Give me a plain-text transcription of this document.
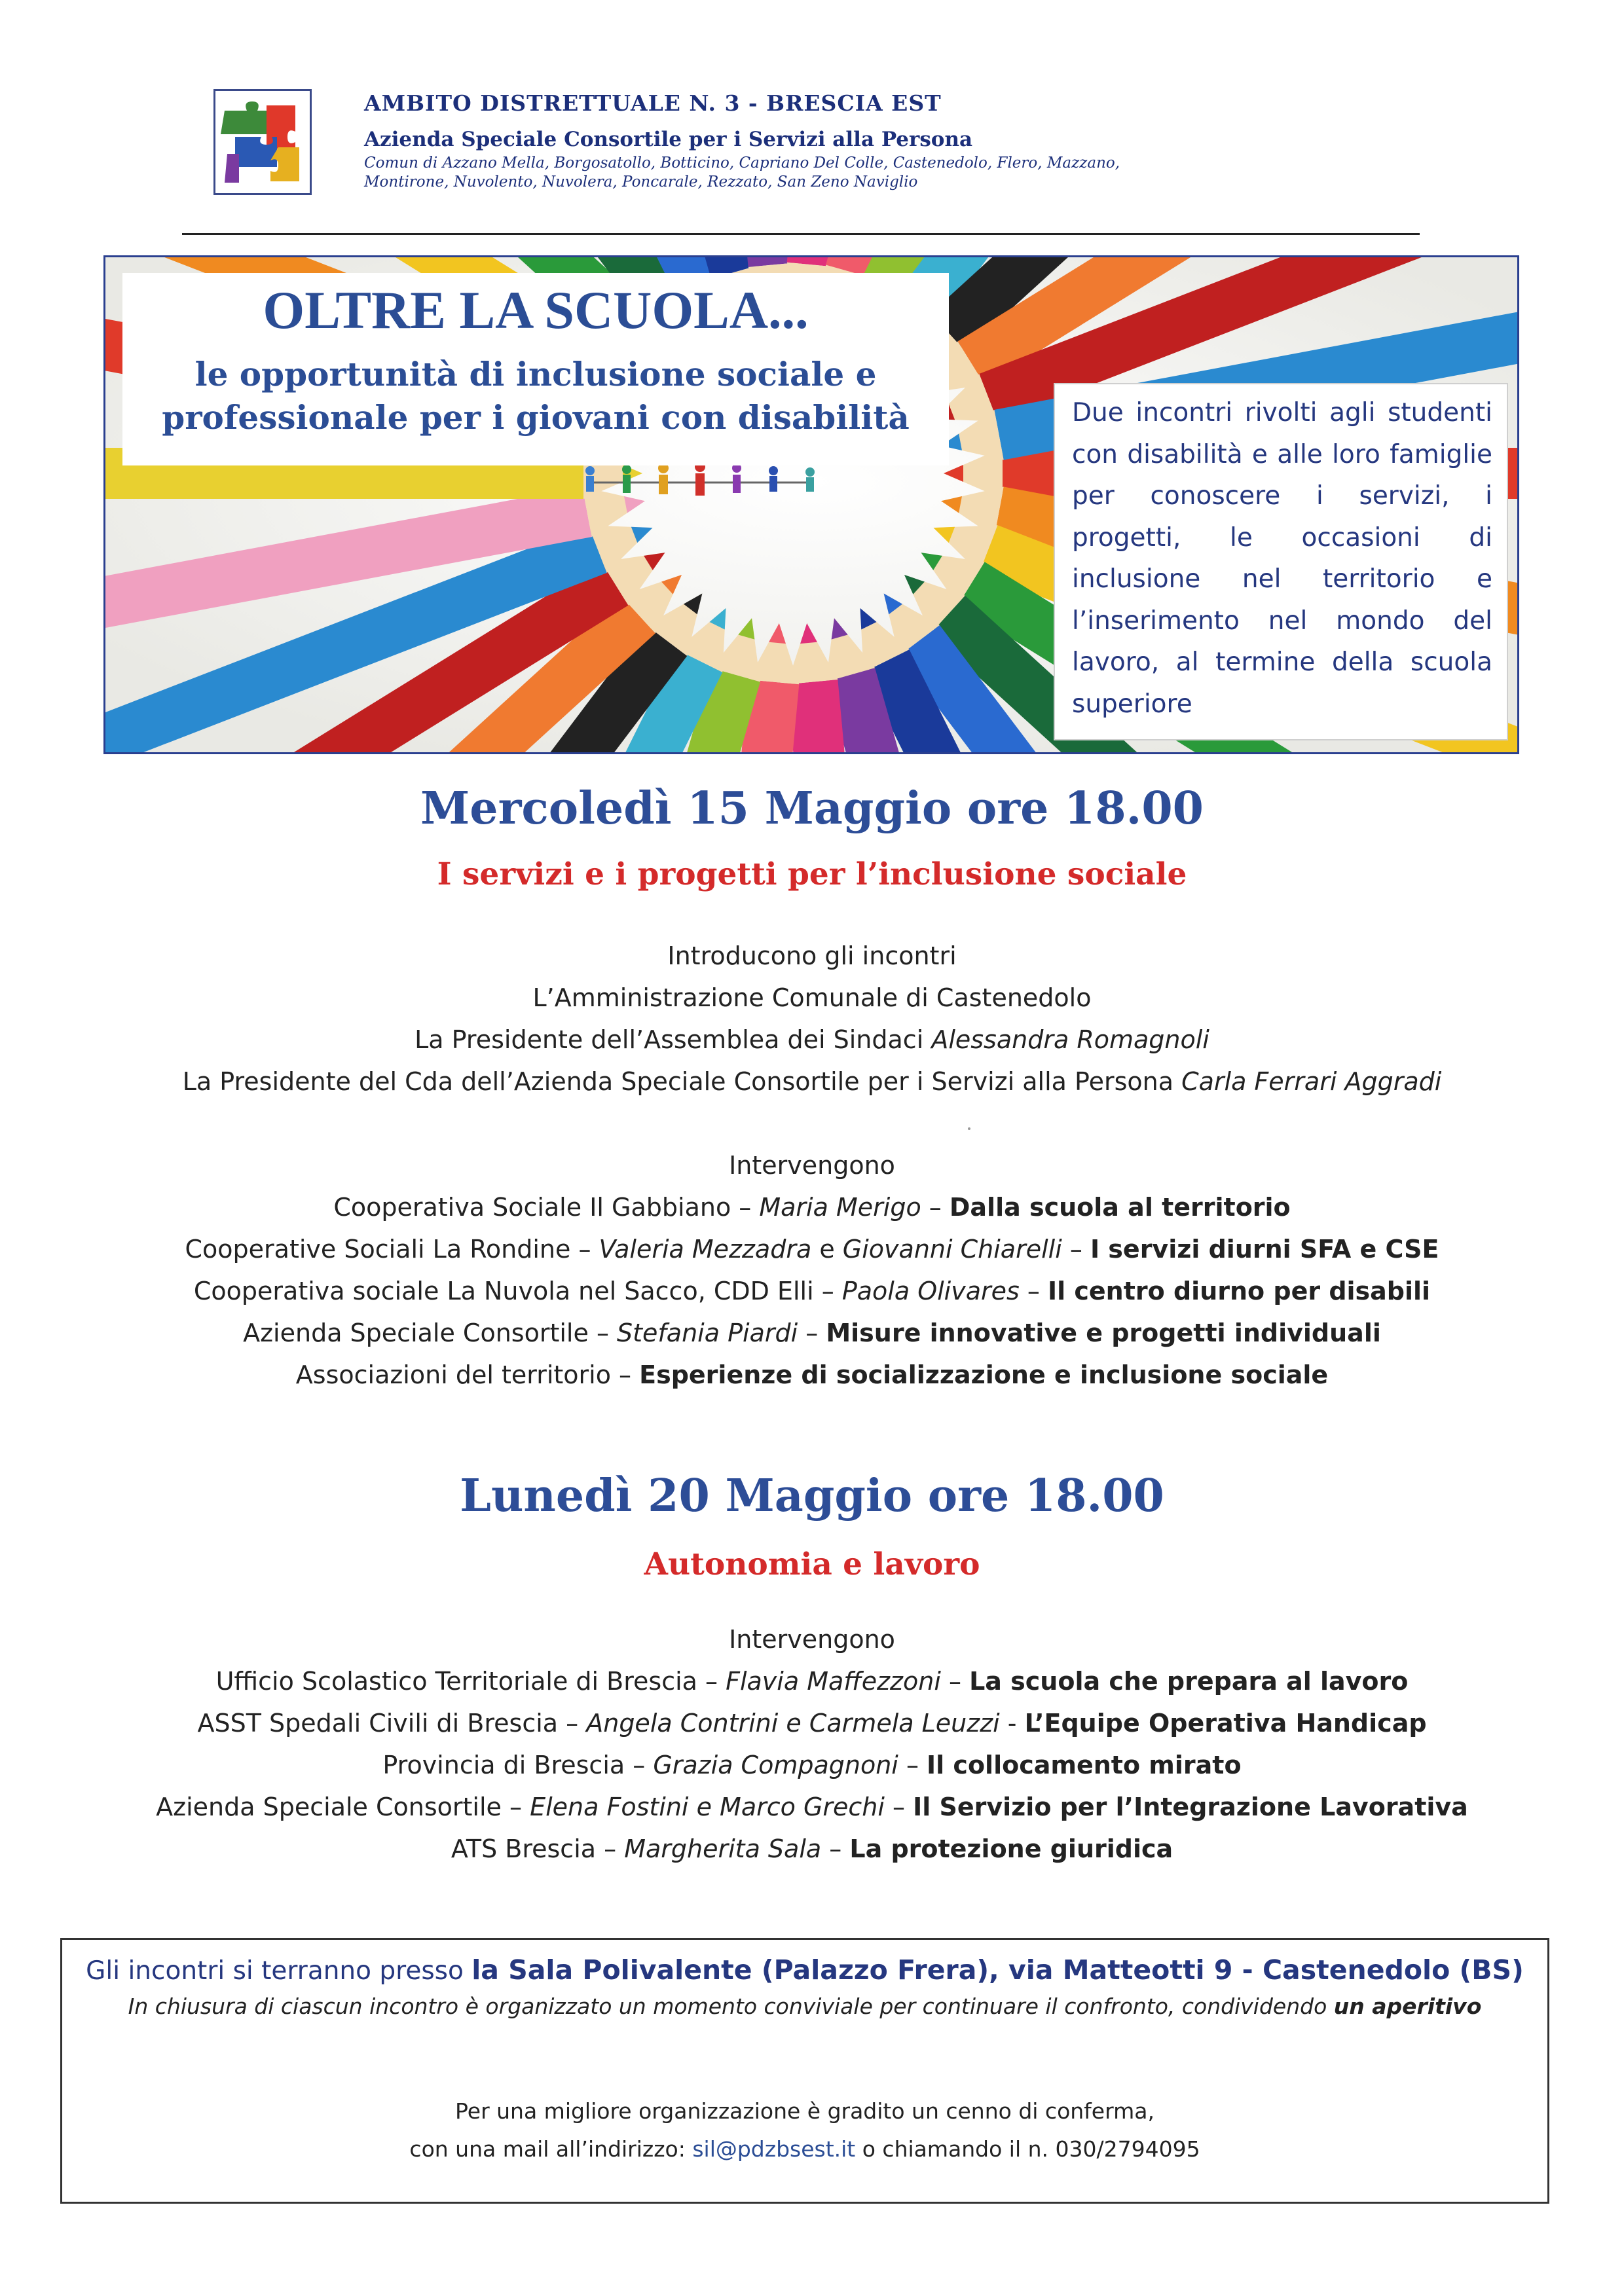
AMBITO DISTRETTUALE N. 3 - BRESCIA EST
Azienda Speciale Consortile per i Servizi alla Persona
Comun di Azzano Mella, Borgosatollo, Botticino, Capriano Del Colle, Castenedolo, Flero, Mazzano, Montirone, Nuvolento, Nuvolera, Poncarale, Rezzato, San Zeno Naviglio
OLTRE LA SCUOLA...
le opportunità di inclusione sociale e
professionale per i giovani con disabilità	Due incontri rivolti agli studenti con disabilità e alle loro famiglie per conoscere i servizi, i progetti, le occasioni di inclusione nel territorio e l’inserimento nel mondo del lavoro, al termine della scuola superiore

Mercoledì 15 Maggio ore 18.00
I servizi e i progetti per l’inclusione sociale
Introducono gli incontri
L’Amministrazione Comunale di Castenedolo
La Presidente dell’Assemblea dei Sindaci Alessandra Romagnoli
La Presidente del Cda dell’Azienda Speciale Consortile per i Servizi alla Persona Carla Ferrari Aggradi
Intervengono
Cooperativa Sociale Il Gabbiano – Maria Merigo – Dalla scuola al territorio
Cooperative Sociali La Rondine – Valeria Mezzadra e Giovanni Chiarelli – I servizi diurni SFA e CSE
Cooperativa sociale La Nuvola nel Sacco, CDD Elli – Paola Olivares – Il centro diurno per disabili
Azienda Speciale Consortile – Stefania Piardi – Misure innovative e progetti individuali
Associazioni del territorio – Esperienze di socializzazione e inclusione sociale
Lunedì 20 Maggio ore 18.00
Autonomia e lavoro
Intervengono
Ufficio Scolastico Territoriale di Brescia – Flavia Maffezzoni – La scuola che prepara al lavoro
ASST Spedali Civili di Brescia – Angela Contrini e Carmela Leuzzi - L’Equipe Operativa Handicap
Provincia di Brescia – Grazia Compagnoni – Il collocamento mirato
Azienda Speciale Consortile – Elena Fostini e Marco Grechi – Il Servizio per l’Integrazione Lavorativa
ATS Brescia – Margherita Sala – La protezione giuridica
Gli incontri si terranno presso la Sala Polivalente (Palazzo Frera), via Matteotti 9 - Castenedolo (BS)
In chiusura di ciascun incontro è organizzato un momento conviviale per continuare il confronto, condividendo un aperitivo
Per una migliore organizzazione è gradito un cenno di conferma,
con una mail all’indirizzo: sil@pdzbsest.it o chiamando il n. 030/2794095
